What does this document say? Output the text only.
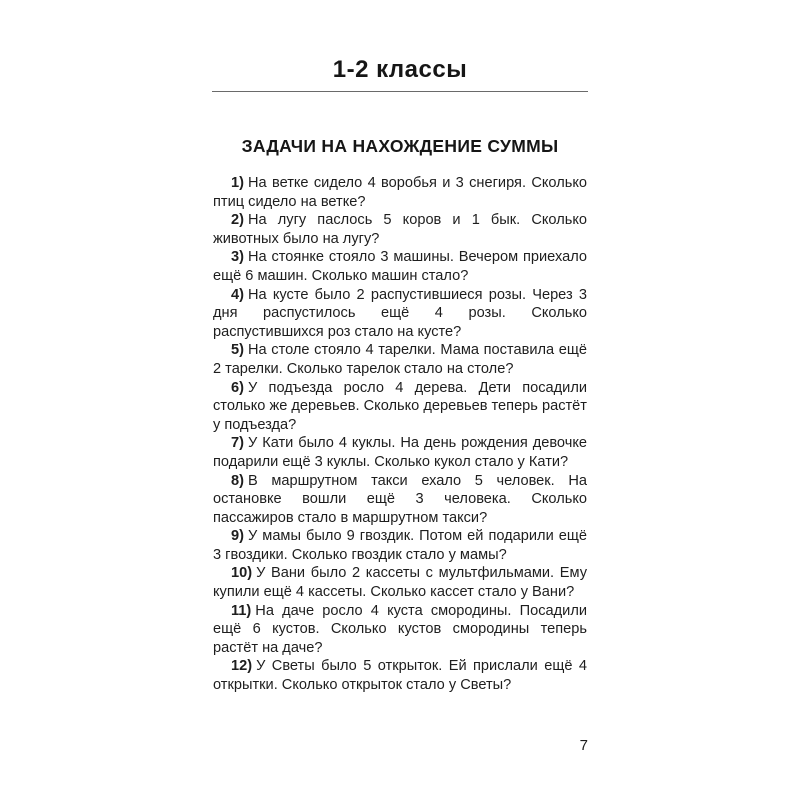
1-2 классы
ЗАДАЧИ НА НАХОЖДЕНИЕ СУММЫ

1) На ветке сидело 4 воробья и 3 снегиря. Сколько птиц сидело на ветке?

2) На лугу паслось 5 коров и 1 бык. Сколько животных было на лугу?

3) На стоянке стояло 3 машины. Вечером приехало ещё 6 машин. Сколько машин стало?

4) На кусте было 2 распустившиеся розы. Через 3 дня распустилось ещё 4 розы. Сколько распустившихся роз стало на кусте?

5) На столе стояло 4 тарелки. Мама поставила ещё 2 тарелки. Сколько тарелок стало на столе?

6) У подъезда росло 4 дерева. Дети посадили столько же деревьев. Сколько деревьев теперь растёт у подъезда?

7) У Кати было 4 куклы. На день рождения девочке подарили ещё 3 куклы. Сколько кукол стало у Кати?

8) В маршрутном такси ехало 5 человек. На остановке вошли ещё 3 человека. Сколько пассажиров стало в маршрутном такси?

9) У мамы было 9 гвоздик. Потом ей подарили ещё 3 гвоздики. Сколько гвоздик стало у мамы?

10) У Вани было 2 кассеты с мультфильмами. Ему купили ещё 4 кассеты. Сколько кассет стало у Вани?

11) На даче росло 4 куста смородины. Посадили ещё 6 кустов. Сколько кустов смородины теперь растёт на даче?

12) У Светы было 5 открыток. Ей прислали ещё 4 открытки. Сколько открыток стало у Светы?

7
